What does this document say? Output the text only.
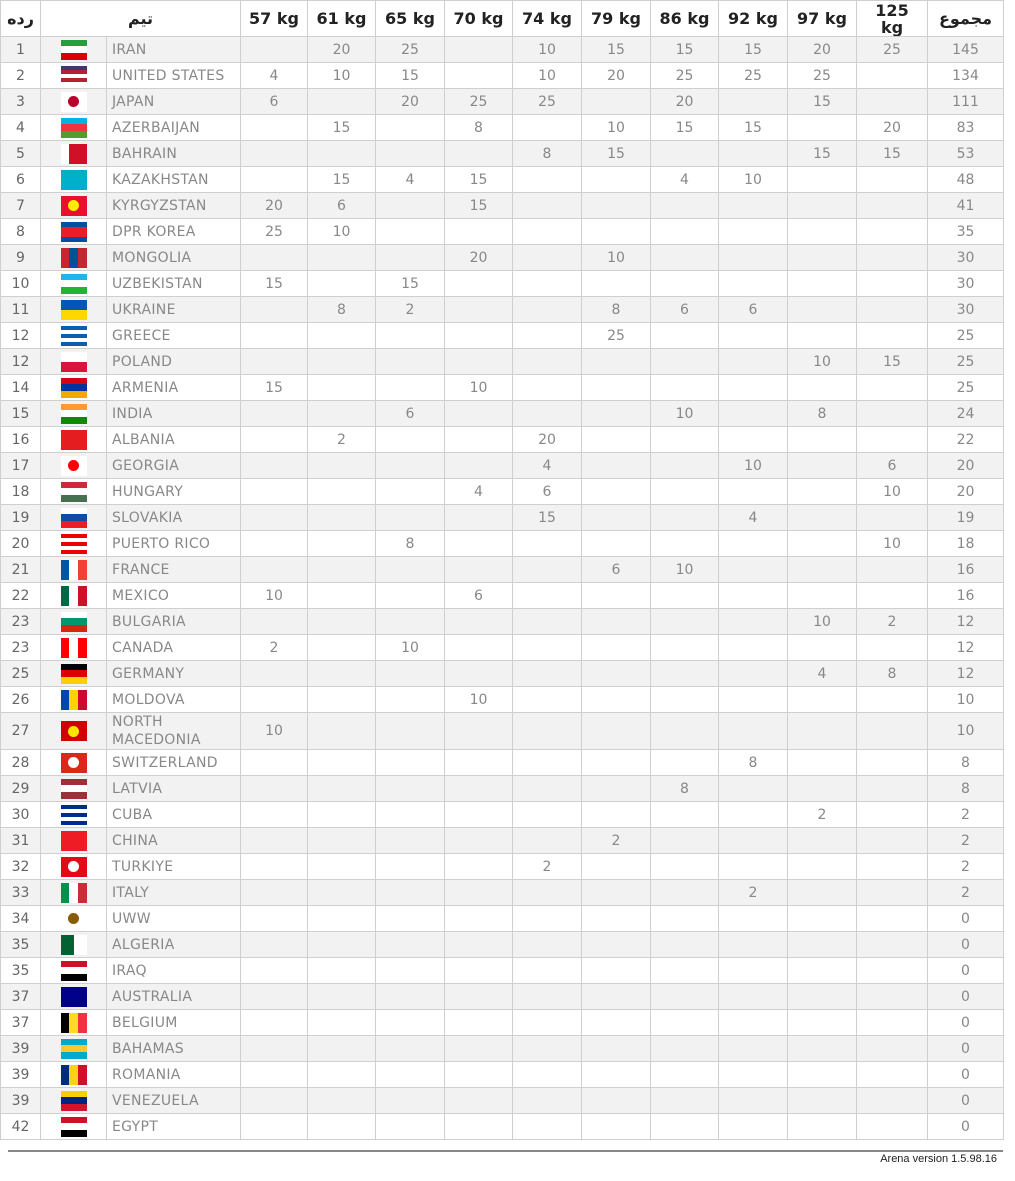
رده	تیم		57 kg	61 kg	65 kg	70 kg	74 kg	79 kg	86 kg	92 kg	97 kg	125 kg	مجموع
1		IRAN		20	25		10	15	15	15	20	25	145
2		UNITED STATES	4	10	15		10	20	25	25	25		134
3		JAPAN	6		20	25	25		20		15		111
4		AZERBAIJAN		15		8		10	15	15		20	83
5		BAHRAIN					8	15			15	15	53
6		KAZAKHSTAN		15	4	15			4	10			48
7		KYRGYZSTAN	20	6		15							41
8		DPR KOREA	25	10									35
9		MONGOLIA				20		10					30
10		UZBEKISTAN	15		15								30
11		UKRAINE		8	2			8	6	6			30
12		GREECE						25					25
12		POLAND									10	15	25
14		ARMENIA	15			10							25
15		INDIA			6				10		8		24
16		ALBANIA		2			20						22
17		GEORGIA					4			10		6	20
18		HUNGARY				4	6					10	20
19		SLOVAKIA					15			4			19
20		PUERTO RICO			8							10	18
21		FRANCE						6	10				16
22		MEXICO	10			6							16
23		BULGARIA									10	2	12
23		CANADA	2		10								12
25		GERMANY									4	8	12
26		MOLDOVA				10							10
27		NORTH MACEDONIA	10										10
28		SWITZERLAND								8			8
29		LATVIA							8				8
30		CUBA									2		2
31		CHINA						2					2
32		TURKIYE					2						2
33		ITALY								2			2
34		UWW											0
35		ALGERIA											0
35		IRAQ											0
37		AUSTRALIA											0
37		BELGIUM											0
39		BAHAMAS											0
39		ROMANIA											0
39		VENEZUELA											0
42		EGYPT											0
Arena version 1.5.98.16
